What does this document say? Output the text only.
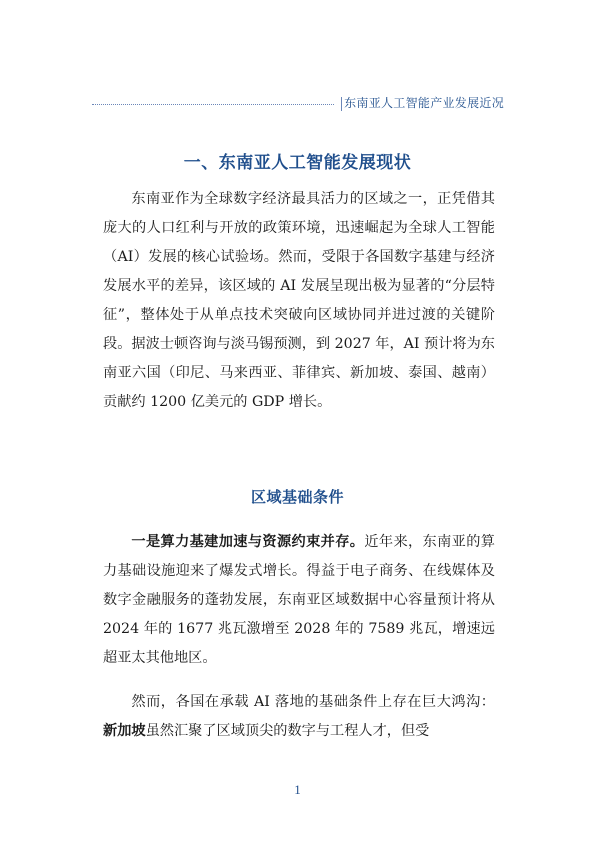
东南亚人工智能产业发展近况
一、东南亚人工智能发展现状

东南亚作为全球数字经济最具活力的区域之一，正凭借其庞大的人口红利与开放的政策环境，迅速崛起为全球人工智能（AI）发展的核心试验场。然而，受限于各国数字基建与经济发展水平的差异，该区域的 AI 发展呈现出极为显著的“分层特征”，整体处于从单点技术突破向区域协同并进过渡的关键阶段。据波士顿咨询与淡马锡预测，到 2027 年，AI 预计将为东南亚六国（印尼、马来西亚、菲律宾、新加坡、泰国、越南）贡献约 1200 亿美元的 GDP 增长。

区域基础条件

一是算力基建加速与资源约束并存。近年来，东南亚的算力基础设施迎来了爆发式增长。得益于电子商务、在线媒体及数字金融服务的蓬勃发展，东南亚区域数据中心容量预计将从 2024 年的 1677 兆瓦激增至 2028 年的 7589 兆瓦，增速远超亚太其他地区。

然而，各国在承载 AI 落地的基础条件上存在巨大鸿沟：新加坡虽然汇聚了区域顶尖的数字与工程人才，但受

1
